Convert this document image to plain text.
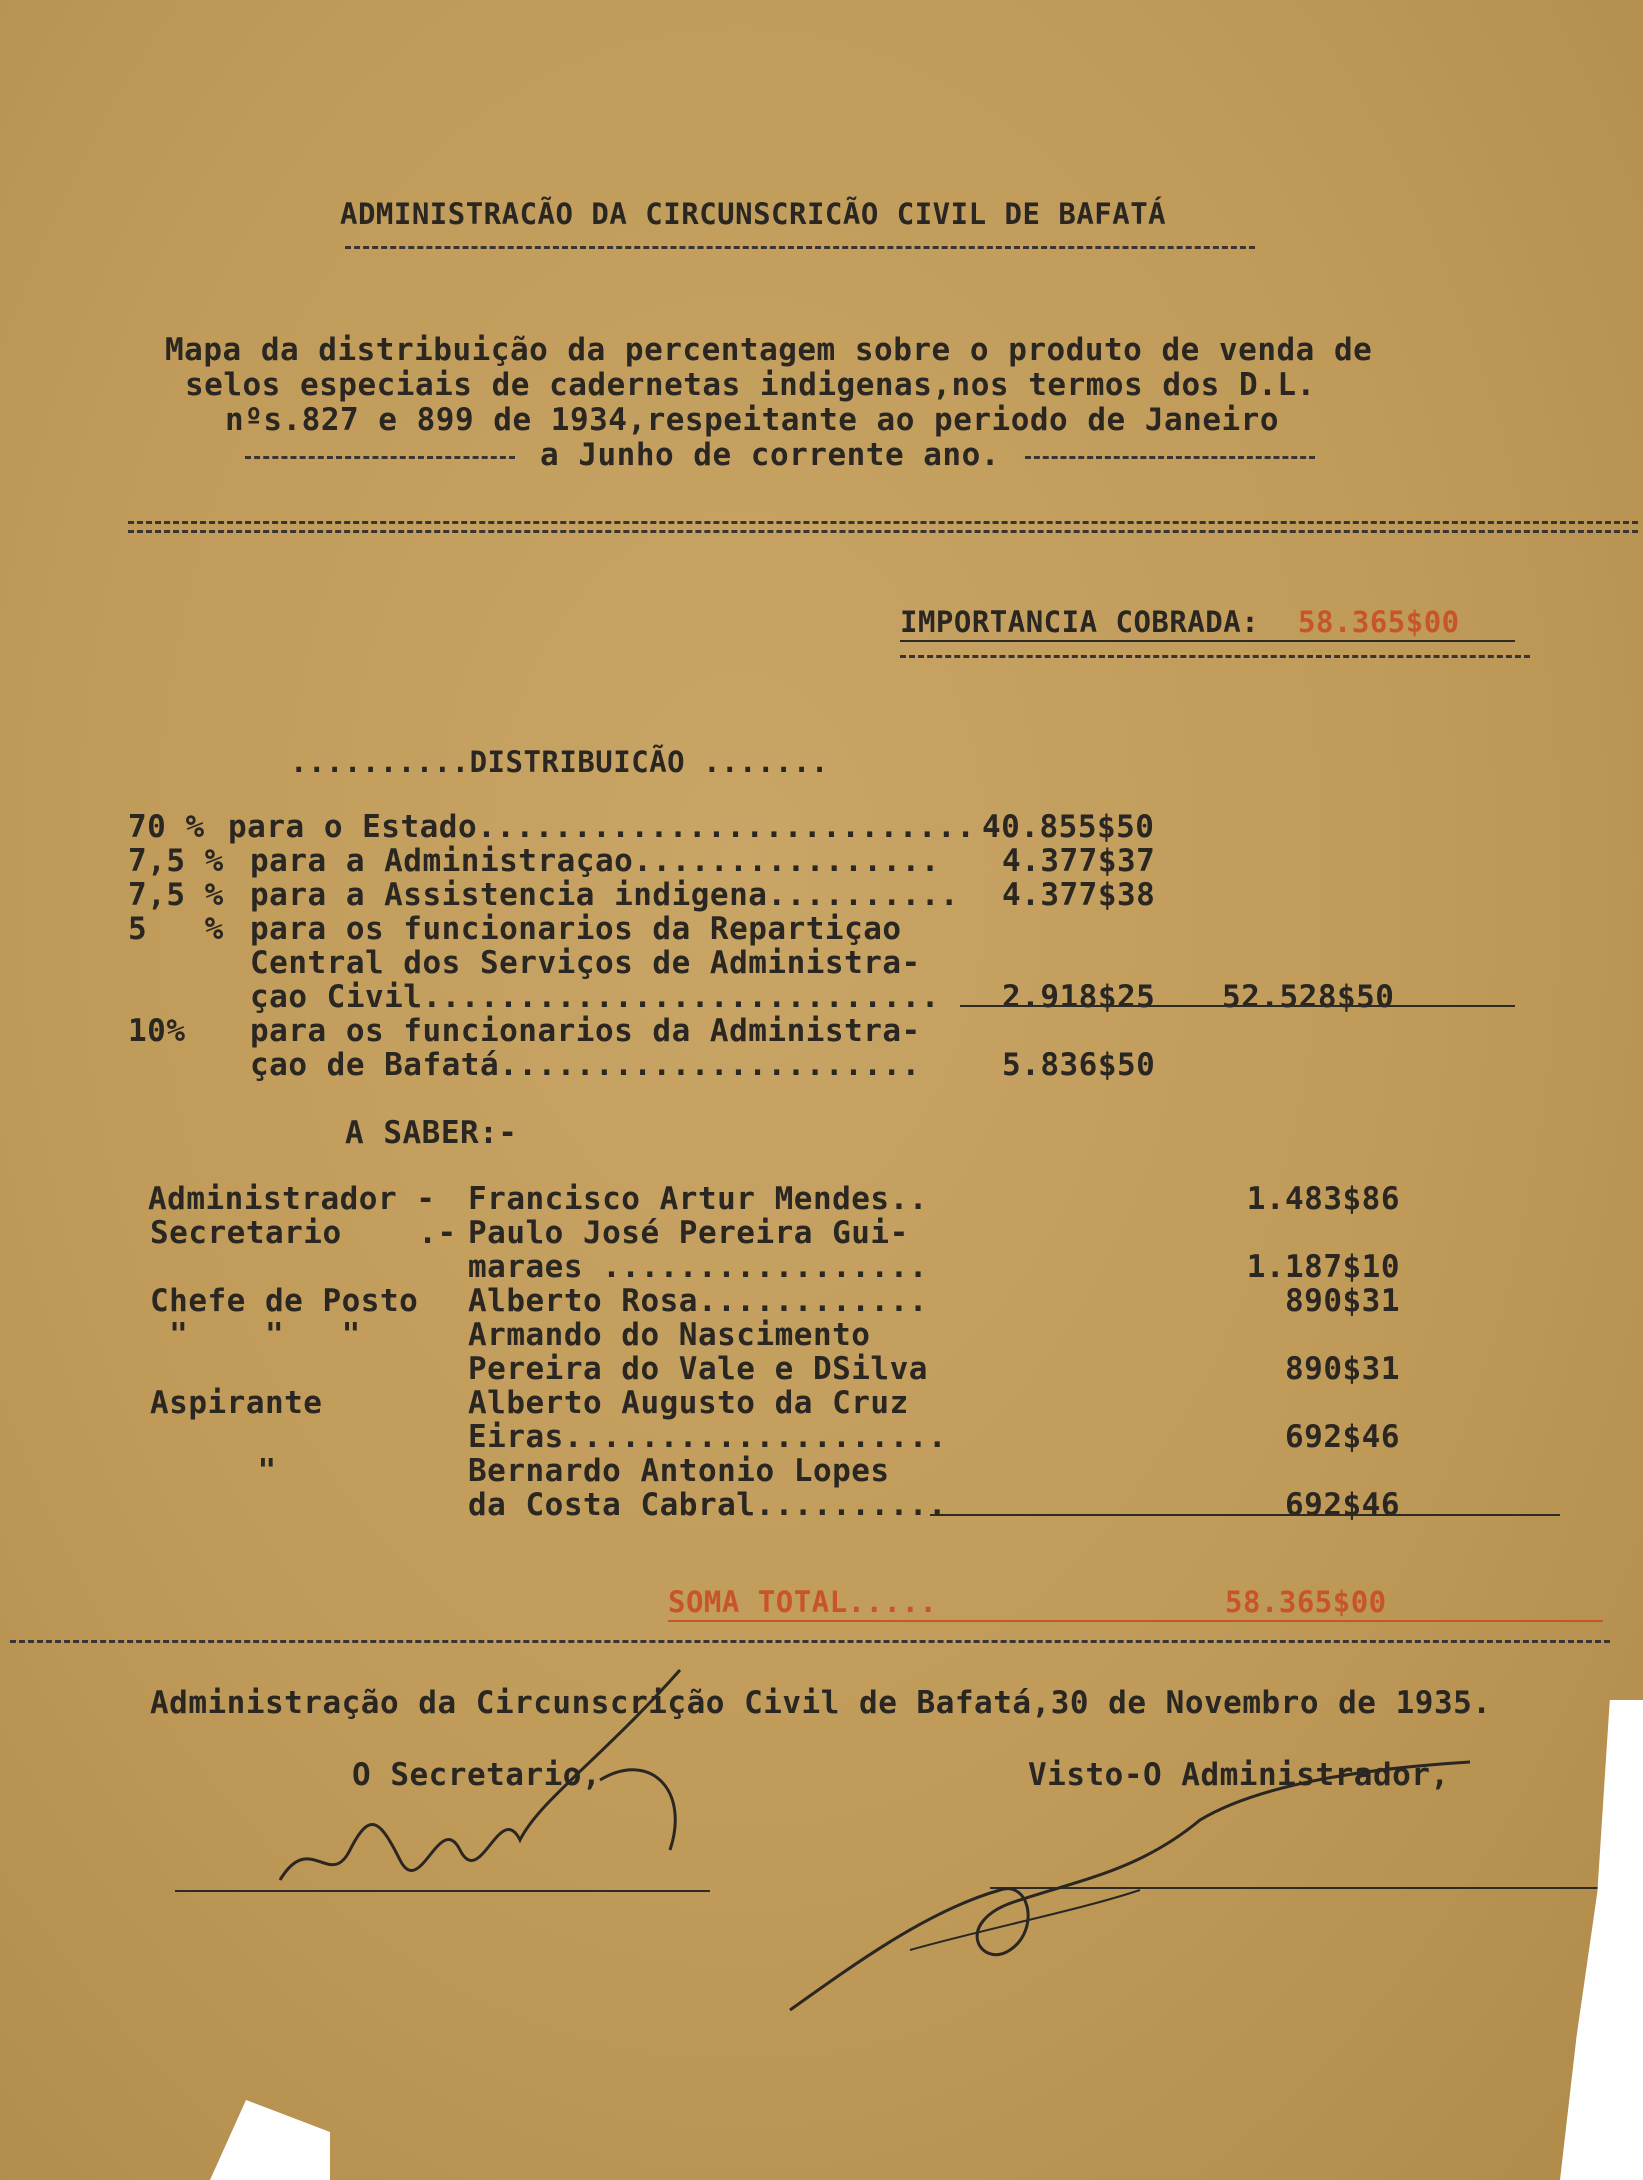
ADMINISTRACÃO DA CIRCUNSCRICÃO CIVIL DE BAFATÁ
Mapa da distribuição da percentagem sobre o produto de venda de
selos especiais de cadernetas indigenas,nos termos dos D.L.
nºs.827 e 899 de 1934,respeitante ao periodo de Janeiro
a Junho de corrente ano.
IMPORTANCIA COBRADA: 58.365$00
..........DISTRIBUICÃO .......
70 % para o Estado.......................... 40.855$50
7,5 % para a Administraçao................ 4.377$37
7,5 % para a Assistencia indigena.......... 4.377$38
5   % para os funcionarios da Repartiçao
Central dos Serviços de Administra-
çao Civil........................... 2.918$25 52.528$50
10% para os funcionarios da Administra-
çao de Bafatá......................	5.836$50
A SABER:-
Administrador - Francisco Artur Mendes..	1.483$86
Secretario    .- Paulo José Pereira Gui-
maraes .................	1.187$10
Chefe de Posto Alberto Rosa............	890$31
"    "   "	Armando do Nascimento
Pereira do Vale e DSilva	890$31
Aspirante	Alberto Augusto da Cruz
Eiras....................	692$46
"	Bernardo Antonio Lopes
da Costa Cabral..........	692$46
SOMA TOTAL.....	58.365$00
Administração da Circunscrição Civil de Bafatá,30 de Novembro de 1935.
O Secretario,	Visto-O Administrador,
